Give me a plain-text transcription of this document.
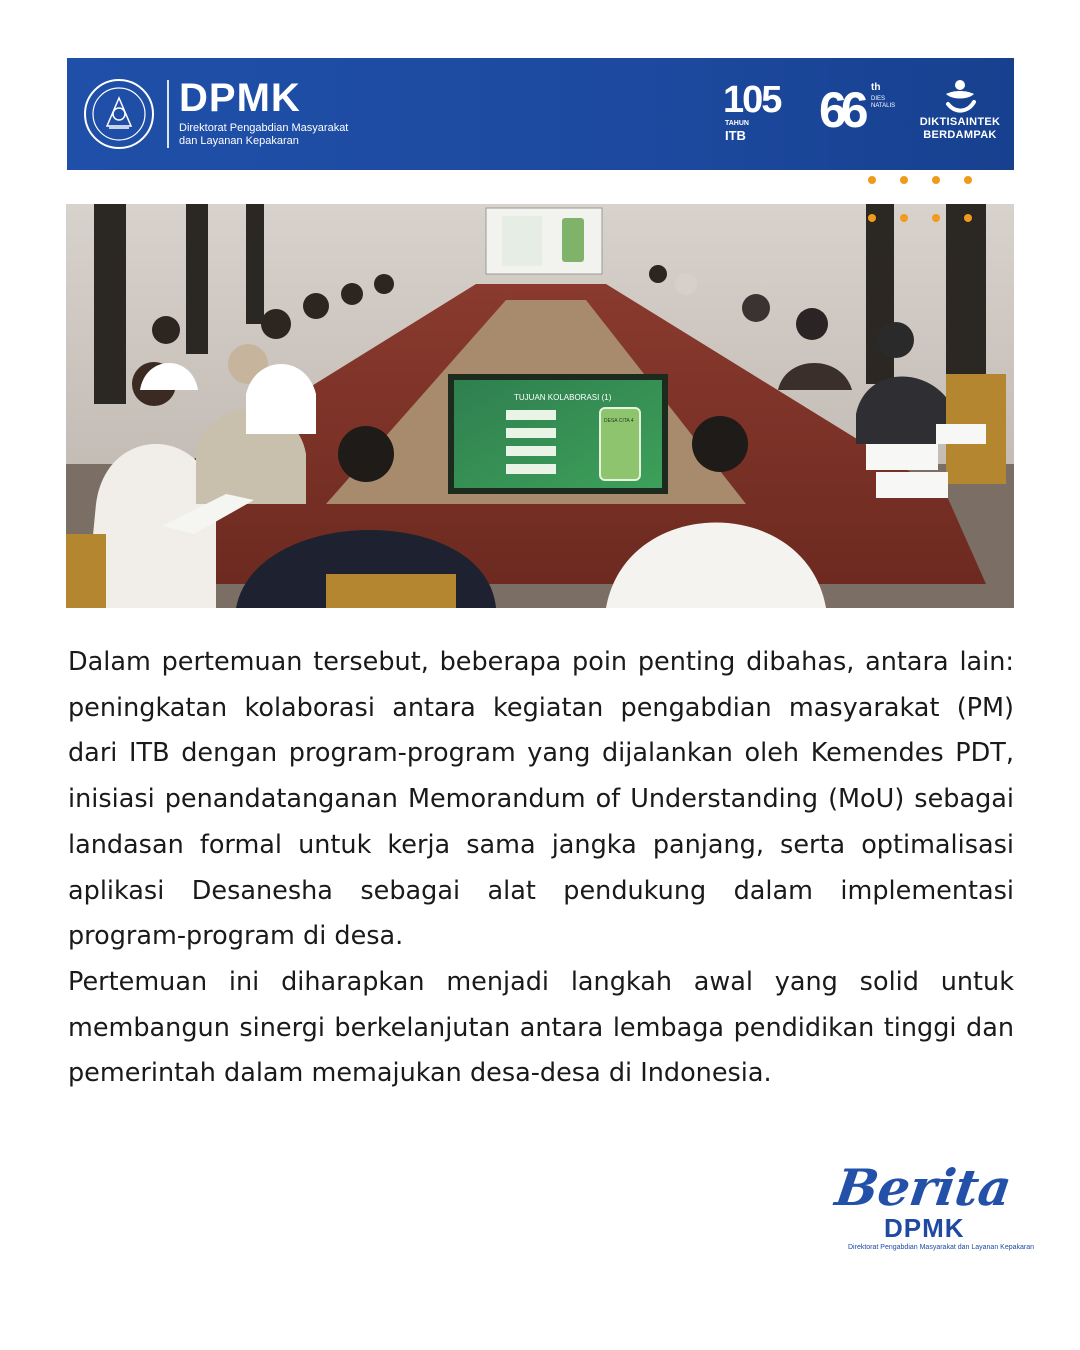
DPMK
Direktorat Pengabdian Masyarakat
dan Layanan Kepakaran
105
TAHUN
ITB 66 th
DIES NATALIS
DIKTISAINTEK
BERDAMPAK
TUJUAN KOLABORASI (1)
DESA CITA 4

Dalam pertemuan tersebut, beberapa poin penting dibahas, antara lain: peningkatan kolaborasi antara kegiatan pengabdian masyarakat (PM) dari ITB dengan program-program yang dijalankan oleh Kemendes PDT, inisiasi penandatanganan Memorandum of Understanding (MoU) sebagai landasan formal untuk kerja sama jangka panjang, serta optimalisasi aplikasi Desanesha sebagai alat pendukung dalam implementasi program-program di desa.

Pertemuan ini diharapkan menjadi langkah awal yang solid untuk membangun sinergi berkelanjutan antara lembaga pendidikan tinggi dan pemerintah dalam memajukan desa-desa di Indonesia.

Berita
DPMK
Direktorat Pengabdian Masyarakat dan Layanan Kepakaran
